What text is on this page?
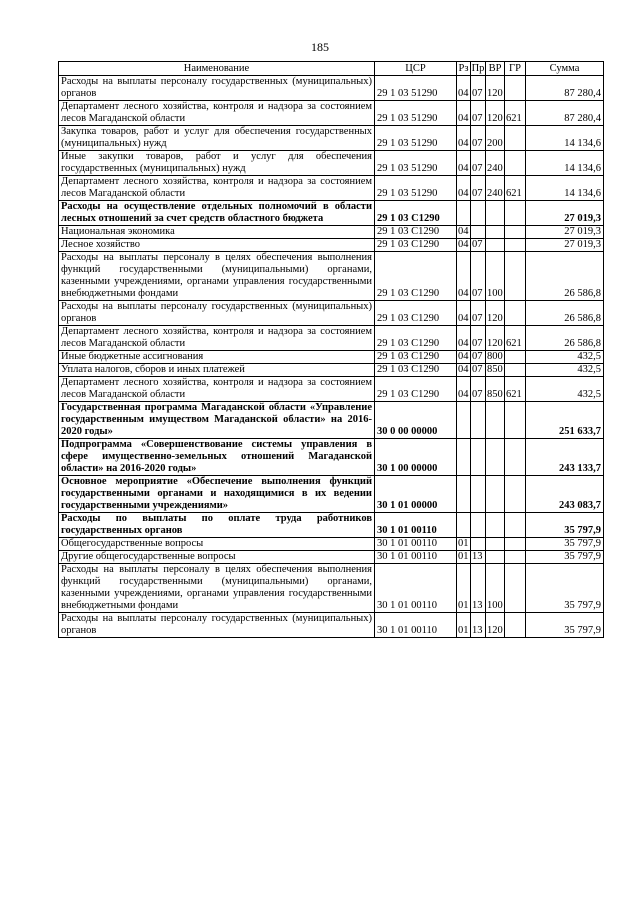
185
Наименование	ЦСР	Рз	Пр	ВР	ГР	Сумма
Расходы на выплаты персоналу государственных (муниципальных) органов	29 1 03 51290	04	07	120		87 280,4
Департамент лесного хозяйства, контроля и надзора за состоянием лесов Магаданской области	29 1 03 51290	04	07	120	621	87 280,4
Закупка товаров, работ и услуг для обеспечения государственных (муниципальных) нужд	29 1 03 51290	04	07	200		14 134,6
Иные закупки товаров, работ и услуг для обеспечения государственных (муниципальных) нужд	29 1 03 51290	04	07	240		14 134,6
Департамент лесного хозяйства, контроля и надзора за состоянием лесов Магаданской области	29 1 03 51290	04	07	240	621	14 134,6
Расходы на осуществление отдельных полномочий в области лесных отношений за счет средств областного бюджета	29 1 03 С1290					27 019,3
Национальная экономика	29 1 03 С1290	04				27 019,3
Лесное хозяйство	29 1 03 С1290	04	07			27 019,3
Расходы на выплаты персоналу в целях обеспечения выполнения функций государственными (муниципальными) органами, казенными учреждениями, органами управления государственными внебюджетными фондами	29 1 03 С1290	04	07	100		26 586,8
Расходы на выплаты персоналу государственных (муниципальных) органов	29 1 03 С1290	04	07	120		26 586,8
Департамент лесного хозяйства, контроля и надзора за состоянием лесов Магаданской области	29 1 03 С1290	04	07	120	621	26 586,8
Иные бюджетные ассигнования	29 1 03 С1290	04	07	800		432,5
Уплата налогов, сборов и иных платежей	29 1 03 С1290	04	07	850		432,5
Департамент лесного хозяйства, контроля и надзора за состоянием лесов Магаданской области	29 1 03 С1290	04	07	850	621	432,5
Государственная программа Магаданской области «Управление государственным имуществом Магаданской области» на 2016-2020 годы»	30 0 00 00000					251 633,7
Подпрограмма «Совершенствование системы управления в сфере имущественно-земельных отношений Магаданской области» на 2016-2020 годы»	30 1 00 00000					243 133,7
Основное мероприятие «Обеспечение выполнения функций государственными органами и находящимися в их ведении государственными учреждениями»	30 1 01 00000					243 083,7
Расходы по выплаты по оплате труда работников государственных органов	30 1 01 00110					35 797,9
Общегосударственные вопросы	30 1 01 00110	01				35 797,9
Другие общегосударственные вопросы	30 1 01 00110	01	13			35 797,9
Расходы на выплаты персоналу в целях обеспечения выполнения функций государственными (муниципальными) органами, казенными учреждениями, органами управления государственными внебюджетными фондами	30 1 01 00110	01	13	100		35 797,9
Расходы на выплаты персоналу государственных (муниципальных) органов	30 1 01 00110	01	13	120		35 797,9
